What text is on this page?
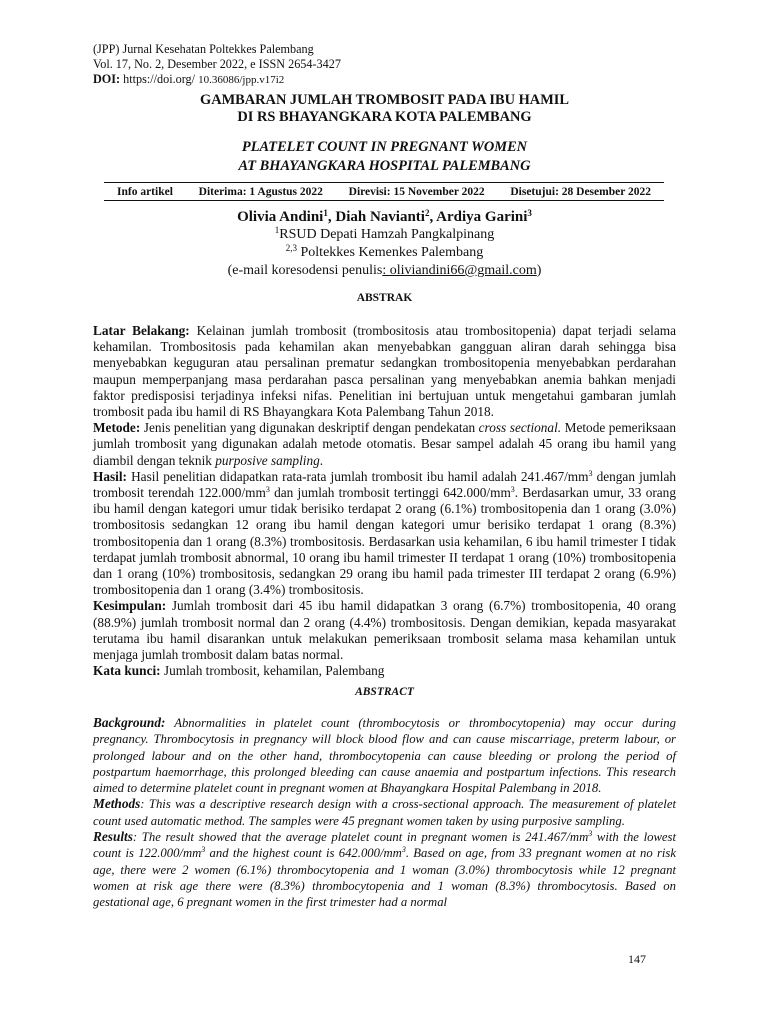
(JPP) Jurnal Kesehatan Poltekkes Palembang
Vol. 17, No. 2, Desember 2022, e ISSN 2654-3427
DOI: https://doi.org/ 10.36086/jpp.v17i2
GAMBARAN JUMLAH TROMBOSIT PADA IBU HAMIL
DI RS BHAYANGKARA KOTA PALEMBANG
PLATELET COUNT IN PREGNANT WOMEN
AT BHAYANGKARA HOSPITAL PALEMBANG
Info artikel Diterima: 1 Agustus 2022 Direvisi: 15 November 2022 Disetujui: 28 Desember 2022
Olivia Andini$^1$, Diah Navianti$^2$, Ardiya Garini$^3$
$^1$RSUD Depati Hamzah Pangkalpinang
$^{2,3}$ Poltekkes Kemenkes Palembang
(e-mail koresodensi penulis: oliviandini66@gmail.com)
ABSTRAK

Latar Belakang: Kelainan jumlah trombosit (trombositosis atau trombositopenia) dapat terjadi selama kehamilan. Trombositosis pada kehamilan akan menyebabkan gangguan aliran darah sehingga bisa menyebabkan keguguran atau persalinan prematur sedangkan trombositopenia menyebabkan perdarahan maupun memperpanjang masa perdarahan pasca persalinan yang menyebabkan anemia bahkan menjadi faktor predisposisi terjadinya infeksi nifas. Penelitian ini bertujuan untuk mengetahui gambaran jumlah trombosit pada ibu hamil di RS Bhayangkara Kota Palembang Tahun 2018.

Metode: Jenis penelitian yang digunakan deskriptif dengan pendekatan cross sectional. Metode pemeriksaan jumlah trombosit yang digunakan adalah metode otomatis. Besar sampel adalah 45 orang ibu hamil yang diambil dengan teknik purposive sampling.

Hasil: Hasil penelitian didapatkan rata-rata jumlah trombosit ibu hamil adalah $241.467/mm^3$ dengan jumlah trombosit terendah $122.000/mm^3$ dan jumlah trombosit tertinggi $642.000/mm^3$. Berdasarkan umur, 33 orang ibu hamil dengan kategori umur tidak berisiko terdapat 2 orang (6.1%) trombositopenia dan 1 orang (3.0%) trombositosis sedangkan 12 orang ibu hamil dengan kategori umur berisiko terdapat 1 orang (8.3%) trombositopenia dan 1 orang (8.3%) trombositosis. Berdasarkan usia kehamilan, 6 ibu hamil trimester I tidak terdapat jumlah trombosit abnormal, 10 orang ibu hamil trimester II terdapat 1 orang (10%) trombositopenia dan 1 orang (10%) trombositosis, sedangkan 29 orang ibu hamil pada trimester III terdapat 2 orang (6.9%) trombositopenia dan 1 orang (3.4%) trombositosis.

Kesimpulan: Jumlah trombosit dari 45 ibu hamil didapatkan 3 orang (6.7%) trombositopenia, 40 orang (88.9%) jumlah trombosit normal dan 2 orang (4.4%) trombositosis. Dengan demikian, kepada masyarakat terutama ibu hamil disarankan untuk melakukan pemeriksaan trombosit selama masa kehamilan untuk menjaga jumlah trombosit dalam batas normal.

Kata kunci: Jumlah trombosit, kehamilan, Palembang

ABSTRACT

Background: Abnormalities in platelet count (thrombocytosis or thrombocytopenia) may occur during pregnancy. Thrombocytosis in pregnancy will block blood flow and can cause miscarriage, preterm labour, or prolonged labour and on the other hand, thrombocytopenia can cause bleeding or prolong the period of postpartum haemorrhage, this prolonged bleeding can cause anaemia and postpartum infections. This research aimed to determine platelet count in pregnant women at Bhayangkara Hospital Palembang in 2018.

Methods: This was a descriptive research design with a cross-sectional approach. The measurement of platelet count used automatic method. The samples were 45 pregnant women taken by using purposive sampling.

Results: The result showed that the average platelet count in pregnant women is $241.467/mm^3$ with the lowest count is $122.000/mm^3$ and the highest count is $642.000/mm^3$. Based on age, from 33 pregnant women at no risk age, there were 2 women (6.1%) thrombocytopenia and 1 woman (3.0%) thrombocytosis while 12 pregnant women at risk age there were (8.3%) thrombocytopenia and 1 woman (8.3%) thrombocytosis. Based on gestational age, 6 pregnant women in the first trimester had a normal

147
